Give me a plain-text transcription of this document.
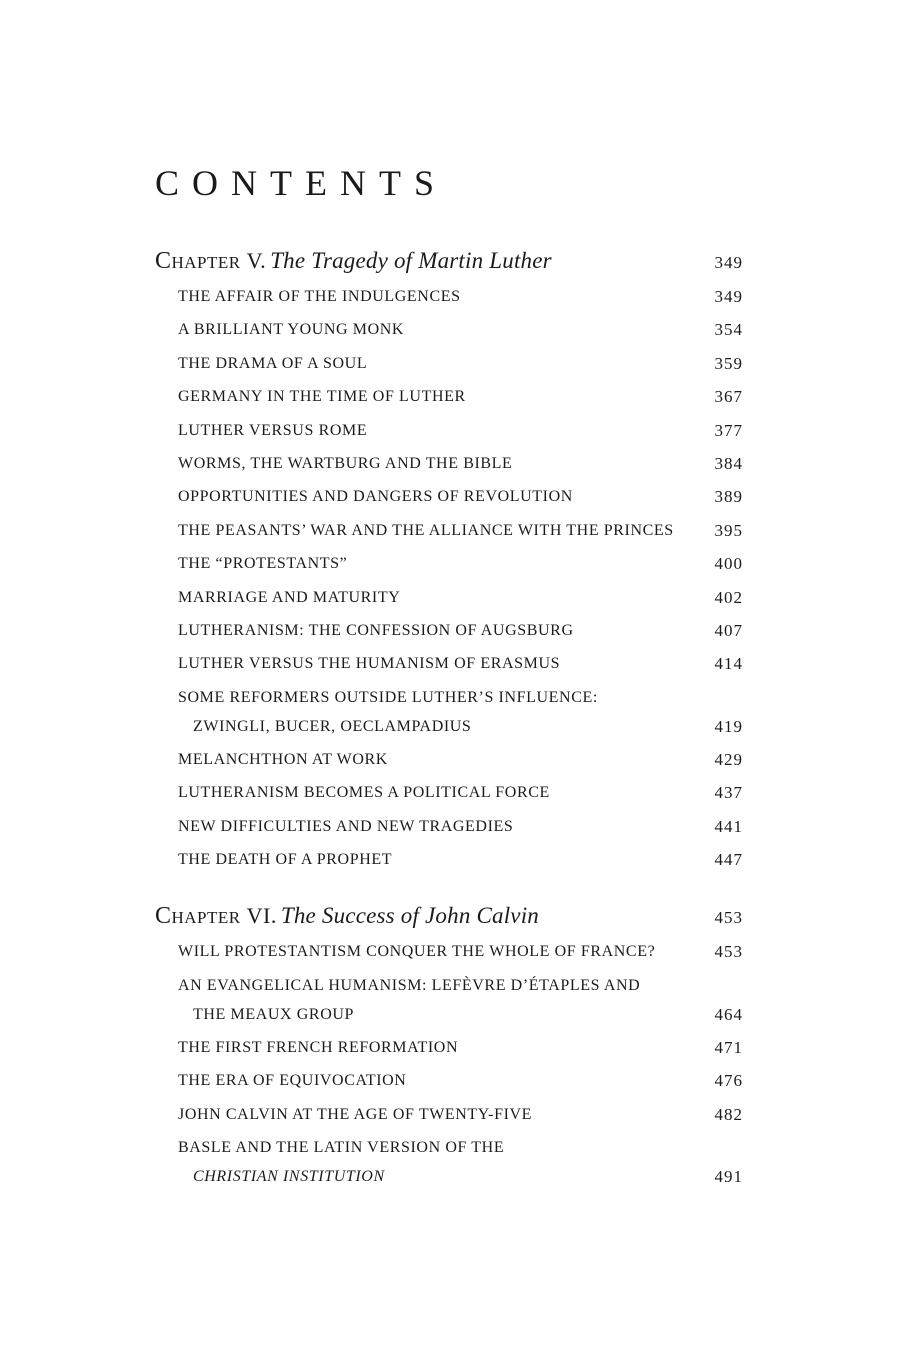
CONTENTS
Chapter V. The Tragedy of Martin Luther	349
THE AFFAIR OF THE INDULGENCES	349
A BRILLIANT YOUNG MONK	354
THE DRAMA OF A SOUL	359
GERMANY IN THE TIME OF LUTHER	367
LUTHER VERSUS ROME	377
WORMS, THE WARTBURG AND THE BIBLE	384
OPPORTUNITIES AND DANGERS OF REVOLUTION	389
THE PEASANTS’ WAR AND THE ALLIANCE WITH THE PRINCES	395
THE “PROTESTANTS”	400
MARRIAGE AND MATURITY	402
LUTHERANISM: THE CONFESSION OF AUGSBURG	407
LUTHER VERSUS THE HUMANISM OF ERASMUS	414
SOME REFORMERS OUTSIDE LUTHER’S INFLUENCE:
ZWINGLI, BUCER, OECLAMPADIUS	419
MELANCHTHON AT WORK	429
LUTHERANISM BECOMES A POLITICAL FORCE	437
NEW DIFFICULTIES AND NEW TRAGEDIES	441
THE DEATH OF A PROPHET	447
Chapter VI. The Success of John Calvin	453
WILL PROTESTANTISM CONQUER THE WHOLE OF FRANCE?	453
AN EVANGELICAL HUMANISM: LEFÈVRE D’ÉTAPLES AND
THE MEAUX GROUP	464
THE FIRST FRENCH REFORMATION	471
THE ERA OF EQUIVOCATION	476
JOHN CALVIN AT THE AGE OF TWENTY-FIVE	482
BASLE AND THE LATIN VERSION OF THE
CHRISTIAN INSTITUTION	491
